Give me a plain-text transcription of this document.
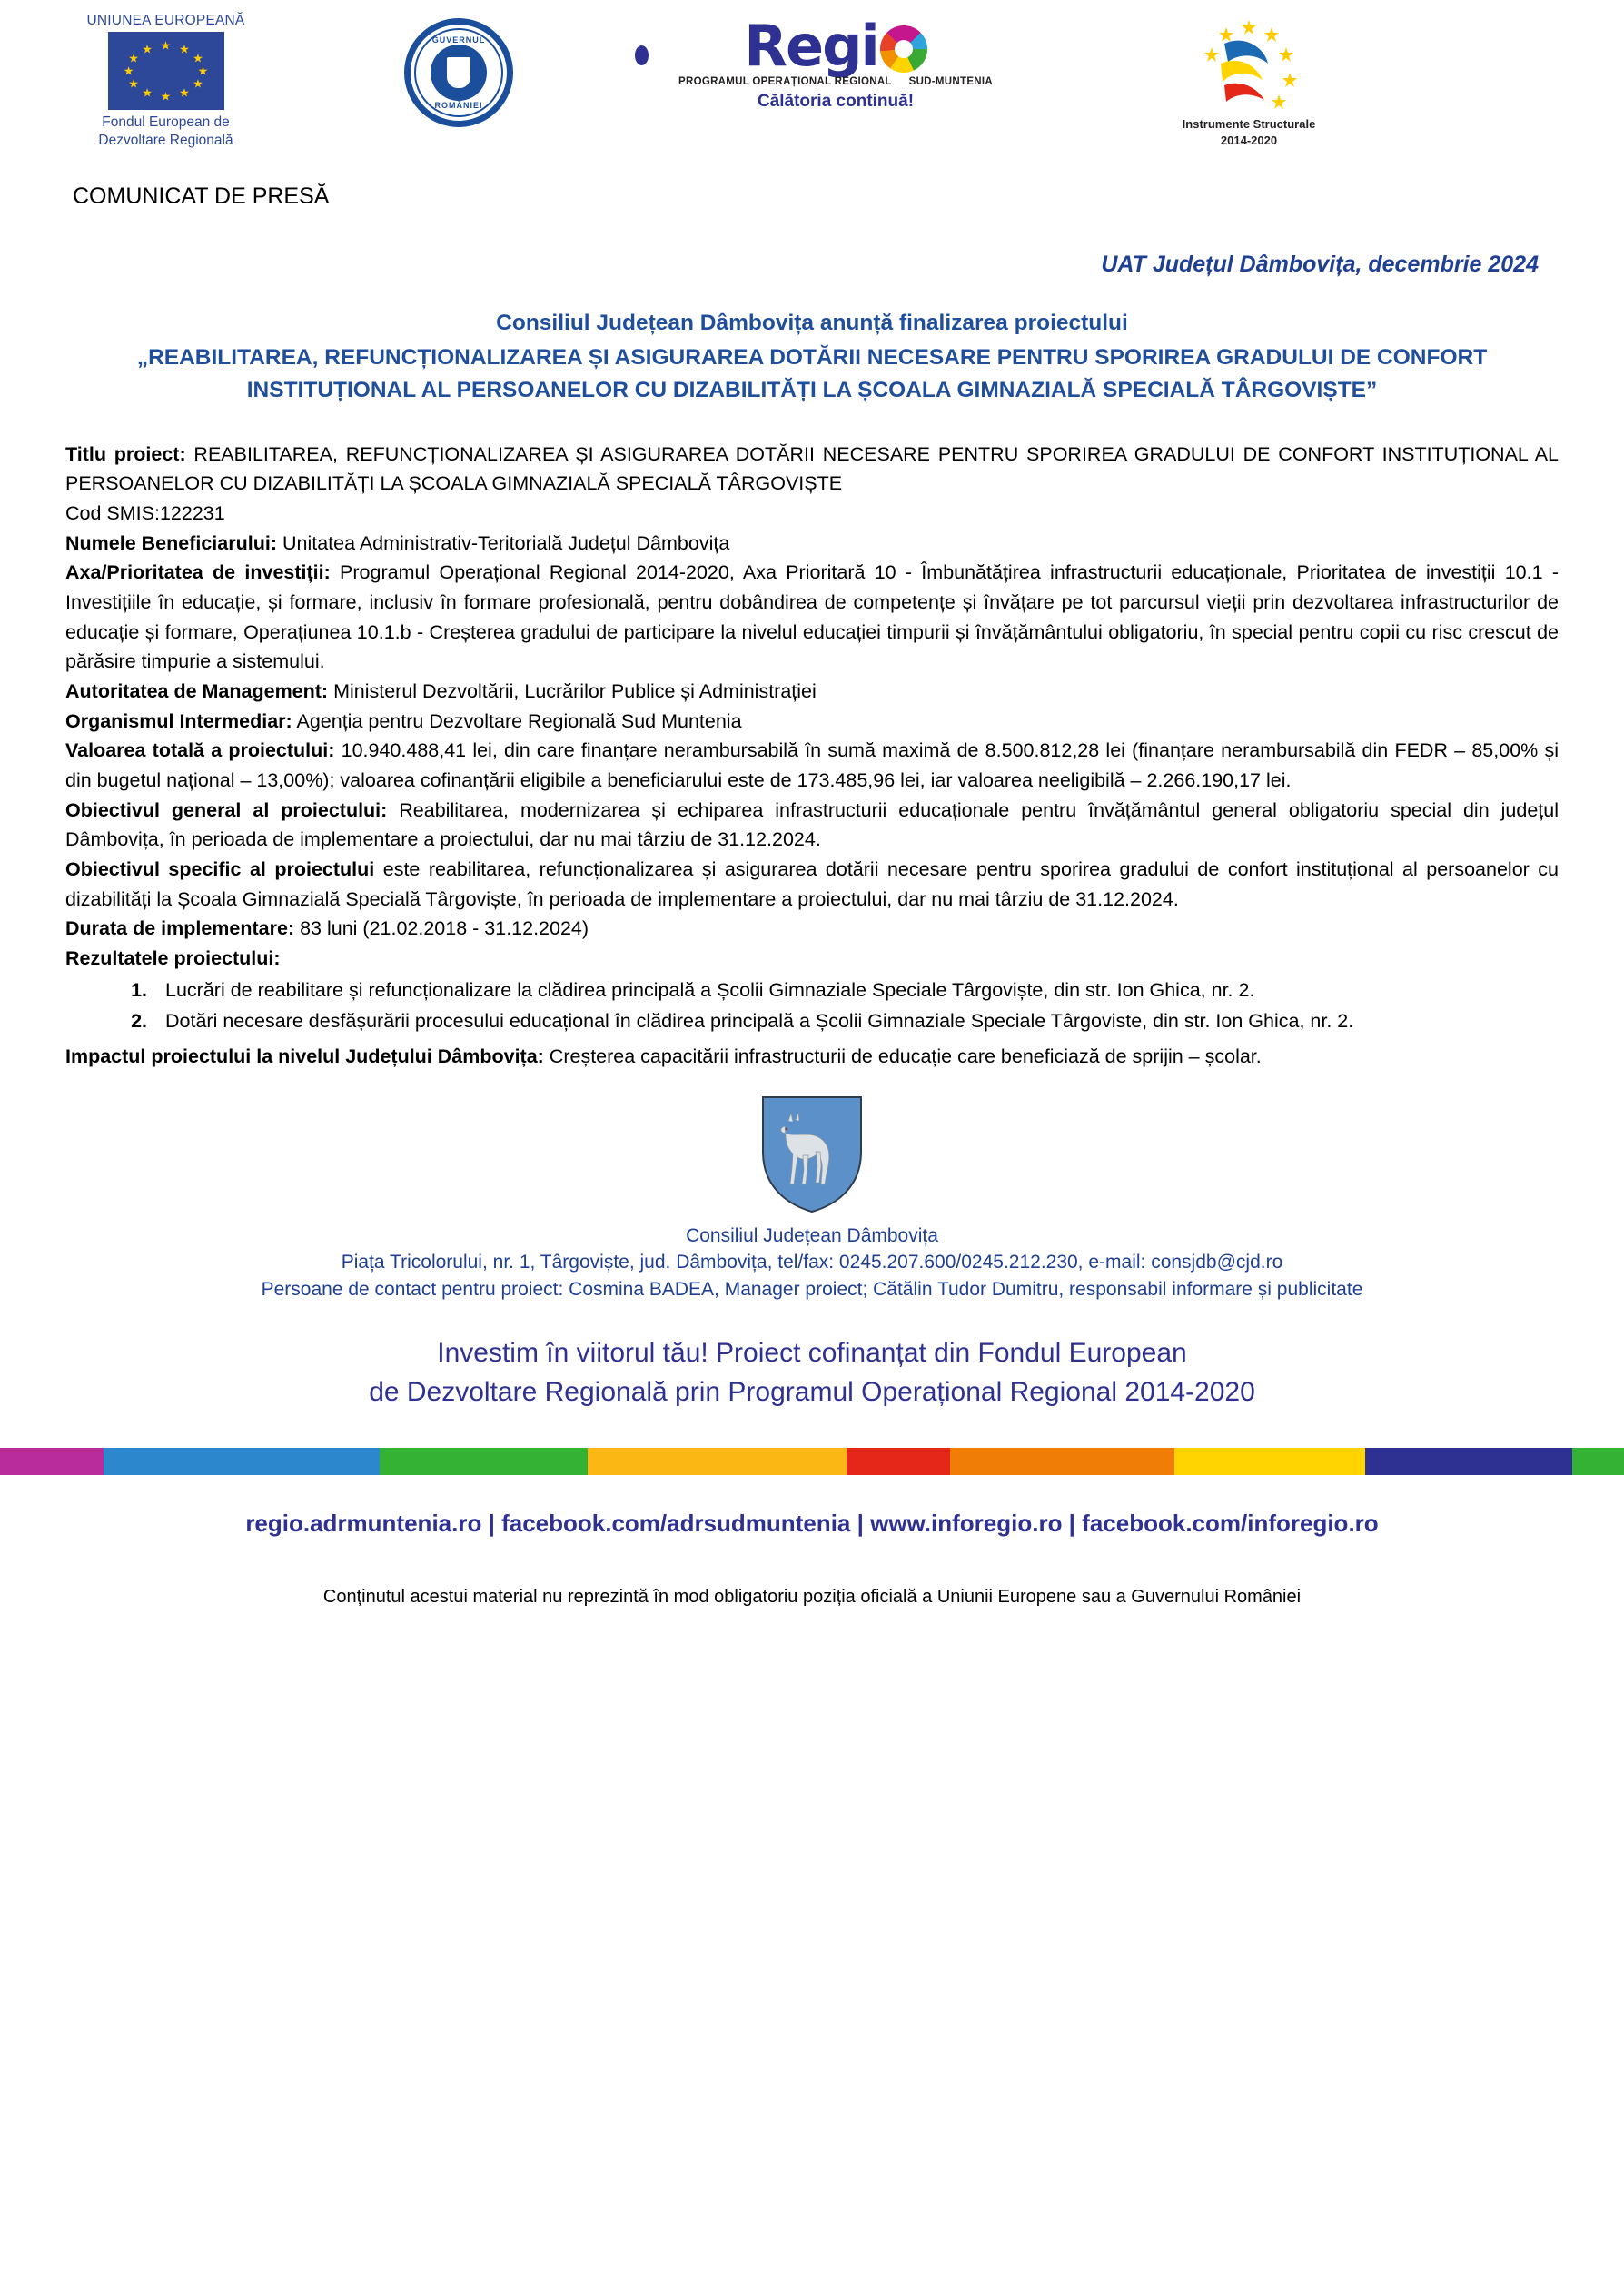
UNIUNEA EUROPEANĂ
★ ★
★
★
★
★
★
★
★
★
★
★
Fondul European de
Dezvoltare Regională
GUVERNUL
ROMÂNIEI
Regi
PROGRAMUL OPERAȚIONAL REGIONAL SUD-MUNTENIA
Călătoria continuă!
Instrumente Structurale
2014-2020
COMUNICAT DE PRESĂ
UAT Județul Dâmbovița, decembrie 2024
Consiliul Județean Dâmbovița anunță finalizarea proiectului
„REABILITAREA, REFUNCȚIONALIZAREA ȘI ASIGURAREA DOTĂRII NECESARE PENTRU SPORIREA GRADULUI DE CONFORT INSTITUȚIONAL AL PERSOANELOR CU DIZABILITĂȚI LA ȘCOALA GIMNAZIALĂ SPECIALĂ TÂRGOVIȘTE”

Titlu proiect: REABILITAREA, REFUNCȚIONALIZAREA ȘI ASIGURAREA DOTĂRII NECESARE PENTRU SPORIREA GRADULUI DE CONFORT INSTITUȚIONAL AL PERSOANELOR CU DIZABILITĂȚI LA ȘCOALA GIMNAZIALĂ SPECIALĂ TÂRGOVIȘTE

Cod SMIS:122231

Numele Beneficiarului: Unitatea Administrativ-Teritorială Județul Dâmbovița

Axa/Prioritatea de investiții: Programul Operațional Regional 2014-2020, Axa Prioritară 10 - Îmbunătățirea infrastructurii educaționale, Prioritatea de investiții 10.1 - Investițiile în educație, și formare, inclusiv în formare profesională, pentru dobândirea de competențe și învățare pe tot parcursul vieții prin dezvoltarea infrastructurilor de educație și formare, Operațiunea 10.1.b - Creșterea gradului de participare la nivelul educației timpurii și învățământului obligatoriu, în special pentru copii cu risc crescut de părăsire timpurie a sistemului.

Autoritatea de Management: Ministerul Dezvoltării, Lucrărilor Publice și Administrației

Organismul Intermediar: Agenția pentru Dezvoltare Regională Sud Muntenia

Valoarea totală a proiectului: 10.940.488,41 lei, din care finanțare nerambursabilă în sumă maximă de 8.500.812,28 lei (finanțare nerambursabilă din FEDR – 85,00% și din bugetul național – 13,00%); valoarea cofinanțării eligibile a beneficiarului este de 173.485,96 lei, iar valoarea neeligibilă – 2.266.190,17 lei.

Obiectivul general al proiectului: Reabilitarea, modernizarea și echiparea infrastructurii educaționale pentru învățământul general obligatoriu special din județul Dâmbovița, în perioada de implementare a proiectului, dar nu mai târziu de 31.12.2024.

Obiectivul specific al proiectului este reabilitarea, refuncționalizarea și asigurarea dotării necesare pentru sporirea gradului de confort instituțional al persoanelor cu dizabilități la Școala Gimnazială Specială Târgoviște, în perioada de implementare a proiectului, dar nu mai târziu de 31.12.2024.

Durata de implementare: 83 luni (21.02.2018 - 31.12.2024)

Rezultatele proiectului:

1. Lucrări de reabilitare și refuncționalizare la clădirea principală a Școlii Gimnaziale Speciale Târgoviște, din str. Ion Ghica, nr. 2.
2. Dotări necesare desfășurării procesului educațional în clădirea principală a Școlii Gimnaziale Speciale Târgoviste, din str. Ion Ghica, nr. 2.

Impactul proiectului la nivelul Județului Dâmbovița: Creșterea capacitării infrastructurii de educație care beneficiază de sprijin – școlar.

Consiliul Județean Dâmbovița
Piața Tricolorului, nr. 1, Târgoviște, jud. Dâmbovița, tel/fax: 0245.207.600/0245.212.230, e-mail: consjdb@cjd.ro
Persoane de contact pentru proiect: Cosmina BADEA, Manager proiect; Cătălin Tudor Dumitru, responsabil informare și publicitate
Investim în viitorul tău! Proiect cofinanțat din Fondul European
de Dezvoltare Regională prin Programul Operațional Regional 2014-2020
regio.adrmuntenia.ro | facebook.com/adrsudmuntenia | www.inforegio.ro | facebook.com/inforegio.ro
Conținutul acestui material nu reprezintă în mod obligatoriu poziția oficială a Uniunii Europene sau a Guvernului României
